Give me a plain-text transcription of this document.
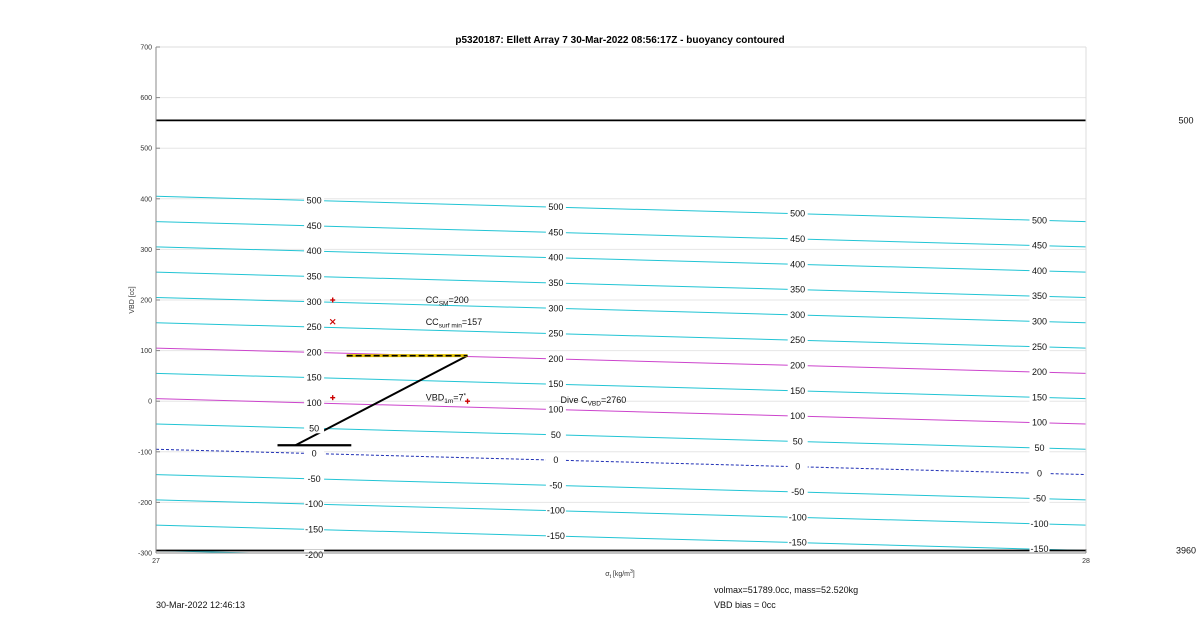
p5320187: Ellett Array 7 30-Mar-2022 08:56:17Z - buoyancy contoured
500
3960
500
450
400
350
300
250
200
150
100
50
0
-50
-100
-150
-200
500
450
400
350
300
250
200
150
100
50
0
-50
-100
-150
500
450
400
350
300
250
200
150
100
50
0
-50
-100
-150
500
450
400
350
300
250
200
150
100
50
0
-50
-100
-150
$CC_{SM}=200$
$CC_{surf min}=157$
$VBD_{1m}=7^*$	Dive $C_{VBD}=2760$
700
600
500
400
300
200
100
0
-100
-200
-300
27	28
VBD [cc]
$\sigma_t$ $[kg/m^3]$
30-Mar-2022 12:46:13
volmax=51789.0cc, mass=52.520kg
VBD bias = 0cc
